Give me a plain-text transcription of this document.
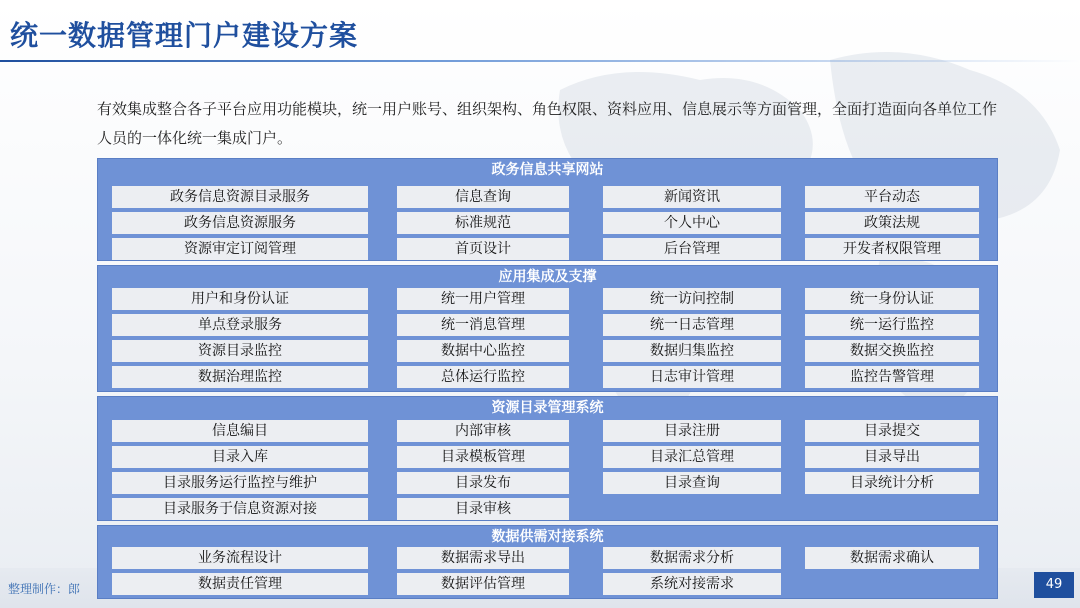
统一数据管理门户建设方案
有效集成整合各子平台应用功能模块，统一用户账号、组织架构、角色权限、资料应用、信息展示等方面管理，全面打造面向各单位工作人员的一体化统一集成门户。
政务信息共享网站
政务信息资源目录服务	信息查询	新闻资讯	平台动态
政务信息资源服务	标准规范	个人中心	政策法规
资源审定订阅管理	首页设计	后台管理	开发者权限管理
应用集成及支撑
用户和身份认证	统一用户管理	统一访问控制	统一身份认证
单点登录服务	统一消息管理	统一日志管理	统一运行监控
资源目录监控	数据中心监控	数据归集监控	数据交换监控
数据治理监控	总体运行监控	日志审计管理	监控告警管理
资源目录管理系统
信息编目	内部审核	目录注册	目录提交
目录入库	目录模板管理	目录汇总管理	目录导出
目录服务运行监控与维护	目录发布	目录查询	目录统计分析
目录服务于信息资源对接	目录审核
整理制作：郎	49
数据供需对接系统
业务流程设计	数据需求导出	数据需求分析	数据需求确认
数据责任管理	数据评估管理	系统对接需求
